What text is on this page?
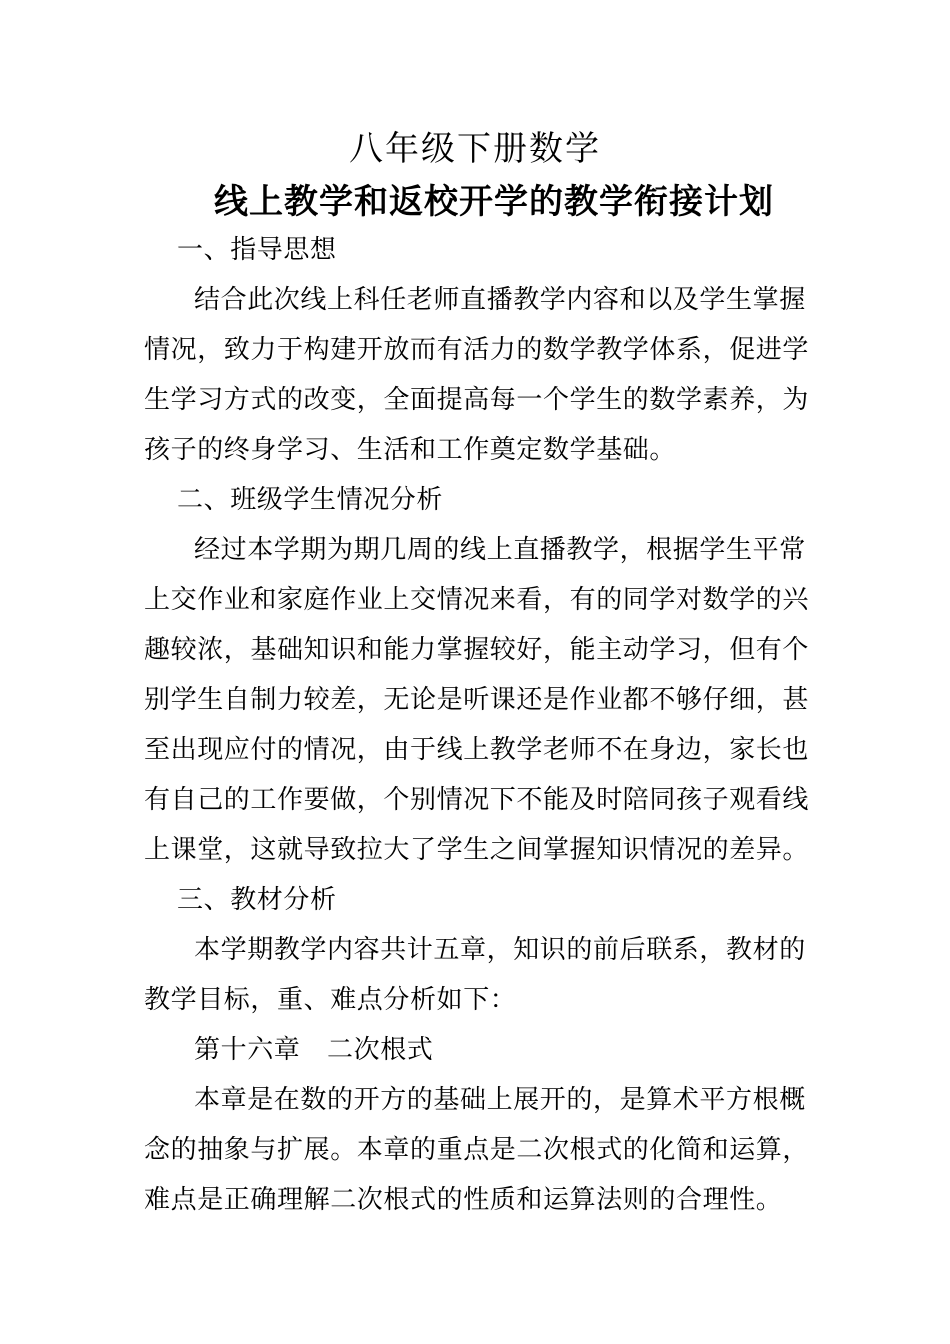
八年级下册数学
线上教学和返校开学的教学衔接计划
一、指导思想
结合此次线上科任老师直播教学内容和以及学生掌握
情况，致力于构建开放而有活力的数学教学体系，促进学
生学习方式的改变，全面提高每一个学生的数学素养，为
孩子的终身学习、生活和工作奠定数学基础。
二、班级学生情况分析
经过本学期为期几周的线上直播教学，根据学生平常
上交作业和家庭作业上交情况来看，有的同学对数学的兴
趣较浓，基础知识和能力掌握较好，能主动学习，但有个
别学生自制力较差，无论是听课还是作业都不够仔细，甚
至出现应付的情况，由于线上教学老师不在身边，家长也
有自己的工作要做，个别情况下不能及时陪同孩子观看线
上课堂，这就导致拉大了学生之间掌握知识情况的差异。
三、教材分析
本学期教学内容共计五章，知识的前后联系，教材的
教学目标，重、难点分析如下：
第十六章　二次根式
本章是在数的开方的基础上展开的，是算术平方根概
念的抽象与扩展。本章的重点是二次根式的化简和运算，
难点是正确理解二次根式的性质和运算法则的合理性。
